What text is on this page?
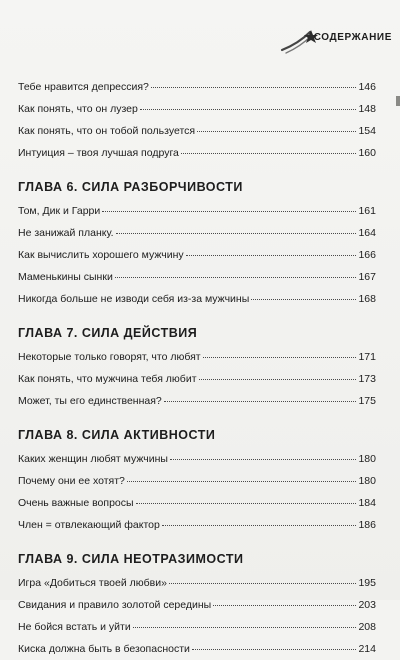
СОДЕРЖАНИЕ
Тебе нравится депрессия?	146
Как понять, что он лузер	148
Как понять, что он тобой пользуется	154
Интуиция – твоя лучшая подруга	160
ГЛАВА 6. СИЛА РАЗБОРЧИВОСТИ
Том, Дик и Гарри	161
Не занижай планку.	164
Как вычислить хорошего мужчину	166
Маменькины сынки	167
Никогда больше не изводи себя из-за мужчины	168
ГЛАВА 7. СИЛА ДЕЙСТВИЯ
Некоторые только говорят, что любят	171
Как понять, что мужчина тебя любит	173
Может, ты его единственная?	175
ГЛАВА 8. СИЛА АКТИВНОСТИ
Каких женщин любят мужчины	180
Почему они ее хотят?	180
Очень важные вопросы	184
Член = отвлекающий фактор	186
ГЛАВА 9. СИЛА НЕОТРАЗИМОСТИ
Игра «Добиться твоей любви»	195
Свидания и правило золотой середины	203
Не бойся встать и уйти	208
Киска должна быть в безопасности	214
